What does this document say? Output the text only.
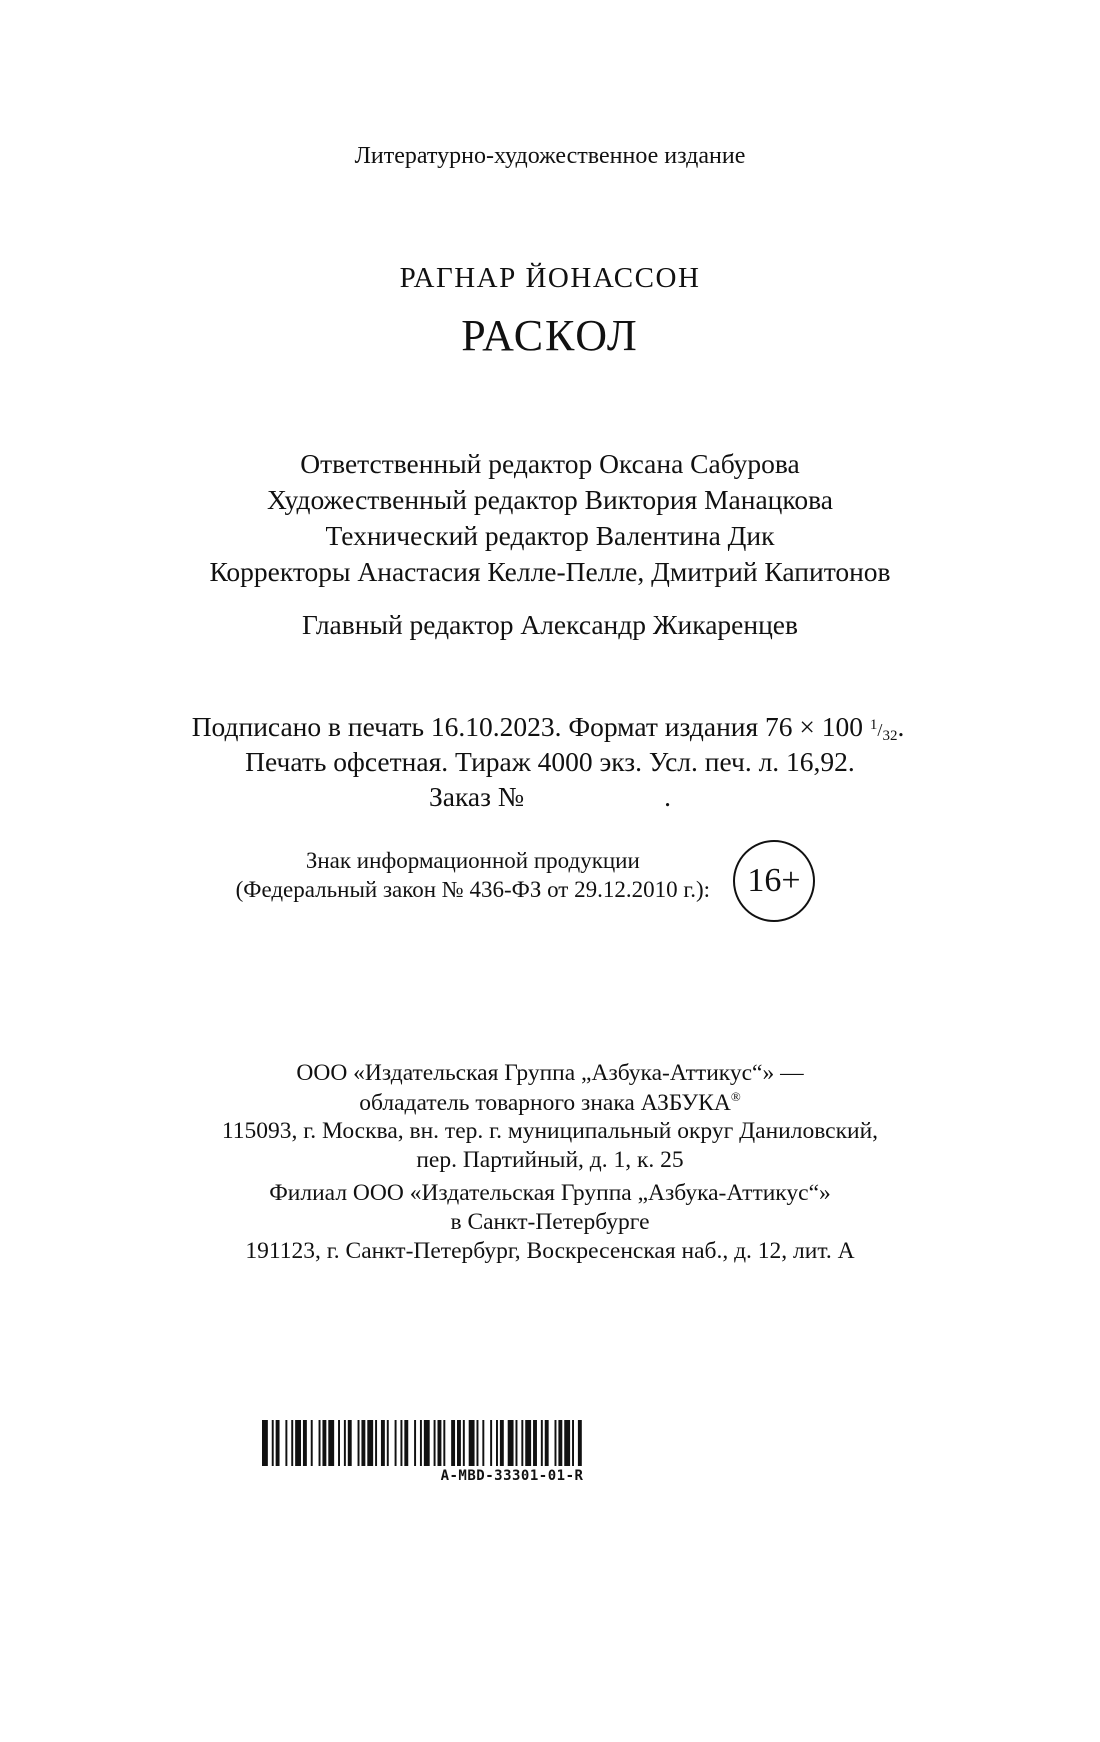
Литературно-художественное издание
РАГНАР ЙОНАССОН
РАСКОЛ
Ответственный редактор Оксана Сабурова
Художественный редактор Виктория Манацкова
Технический редактор Валентина Дик
Корректоры Анастасия Келле-Пелле, Дмитрий Капитонов
Главный редактор Александр Жикаренцев
Подписано в печать 16.10.2023. Формат издания 76 × 100 $^1/_{32}$.
Печать офсетная. Тираж 4000 экз. Усл. печ. л. 16,92.
Заказ №	.
Знак информационной продукции
(Федеральный закон № 436-ФЗ от 29.12.2010 г.):	16+
ООО «Издательская Группа „Азбука-Аттикус“» —
обладатель товарного знака АЗБУКА®
115093, г. Москва, вн. тер. г. муниципальный округ Даниловский,
пер. Партийный, д. 1, к. 25
Филиал ООО «Издательская Группа „Азбука-Аттикус“»
в Санкт-Петербурге
191123, г. Санкт-Петербург, Воскресенская наб., д. 12, лит. А
A-MBD-33301-01-R
